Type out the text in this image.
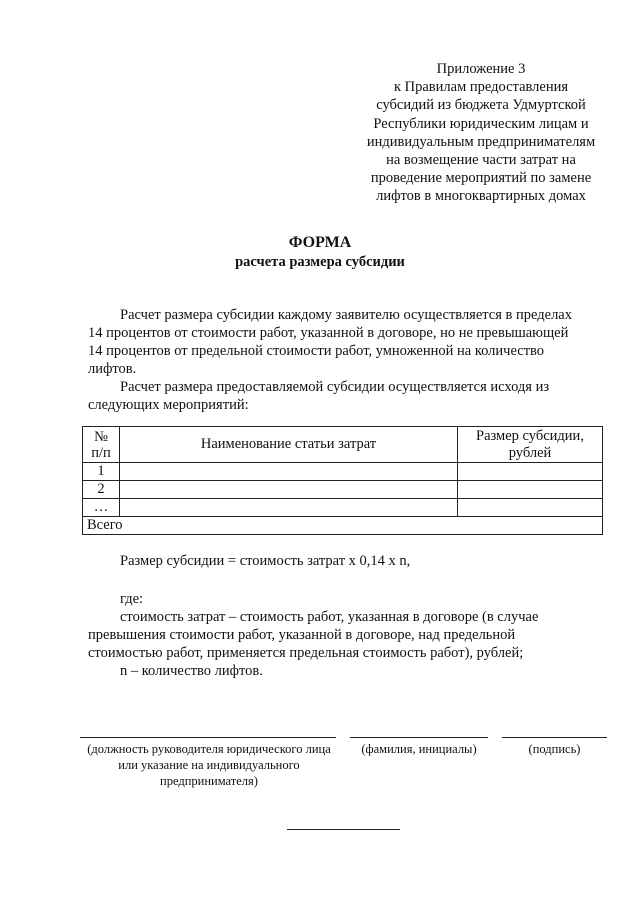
Приложение 3
к Правилам предоставления
субсидий из бюджета Удмуртской
Республики юридическим лицам и
индивидуальным предпринимателям
на возмещение части затрат на
проведение мероприятий по замене
лифтов в многоквартирных домах
ФОРМА
расчета размера субсидии
Расчет размера субсидии каждому заявителю осуществляется в пределах
14 процентов от стоимости работ, указанной в договоре, но не превышающей
14 процентов от предельной стоимости работ, умноженной на количество
лифтов.
Расчет размера предоставляемой субсидии осуществляется исходя из
следующих мероприятий:
№ п/п	Наименование статьи затрат	Размер субсидии, рублей
1		
2		
…		
Всего		
Размер субсидии = стоимость затрат х 0,14 х n,
где:
стоимость затрат – стоимость работ, указанная в договоре (в случае
превышения стоимости работ, указанной в договоре, над предельной
стоимостью работ, применяется предельная стоимость работ), рублей;
n – количество лифтов.
(должность руководителя юридического лица или указание на индивидуального предпринимателя)
(фамилия, инициалы)	(подпись)
